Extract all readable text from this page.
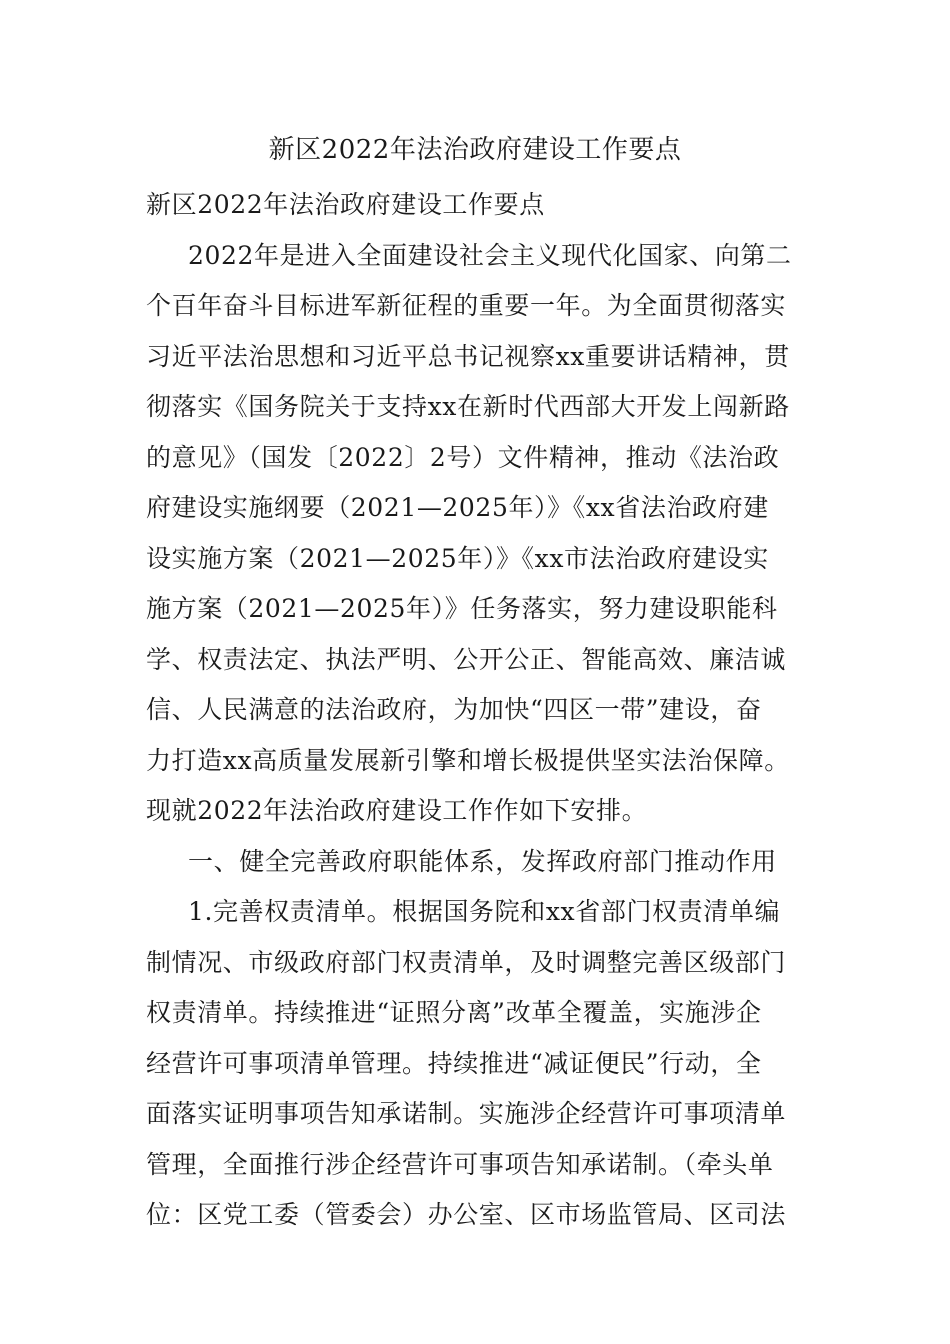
新区2022年法治政府建设工作要点
新区2022年法治政府建设工作要点
2022年是进入全面建设社会主义现代化国家、向第二
个百年奋斗目标进军新征程的重要一年。为全面贯彻落实
习近平法治思想和习近平总书记视察xx重要讲话精神，贯
彻落实《国务院关于支持xx在新时代西部大开发上闯新路
的意见》（国发〔2022〕2号）文件精神，推动《法治政
府建设实施纲要（2021—2025年）》《xx省法治政府建
设实施方案（2021—2025年）》《xx市法治政府建设实
施方案（2021—2025年）》任务落实，努力建设职能科
学、权责法定、执法严明、公开公正、智能高效、廉洁诚
信、人民满意的法治政府，为加快“四区一带”建设，奋
力打造xx高质量发展新引擎和增长极提供坚实法治保障。
现就2022年法治政府建设工作作如下安排。
一、健全完善政府职能体系，发挥政府部门推动作用
1.完善权责清单。根据国务院和xx省部门权责清单编
制情况、市级政府部门权责清单，及时调整完善区级部门
权责清单。持续推进“证照分离”改革全覆盖，实施涉企
经营许可事项清单管理。持续推进“减证便民”行动，全
面落实证明事项告知承诺制。实施涉企经营许可事项清单
管理，全面推行涉企经营许可事项告知承诺制。（牵头单
位：区党工委（管委会）办公室、区市场监管局、区司法
